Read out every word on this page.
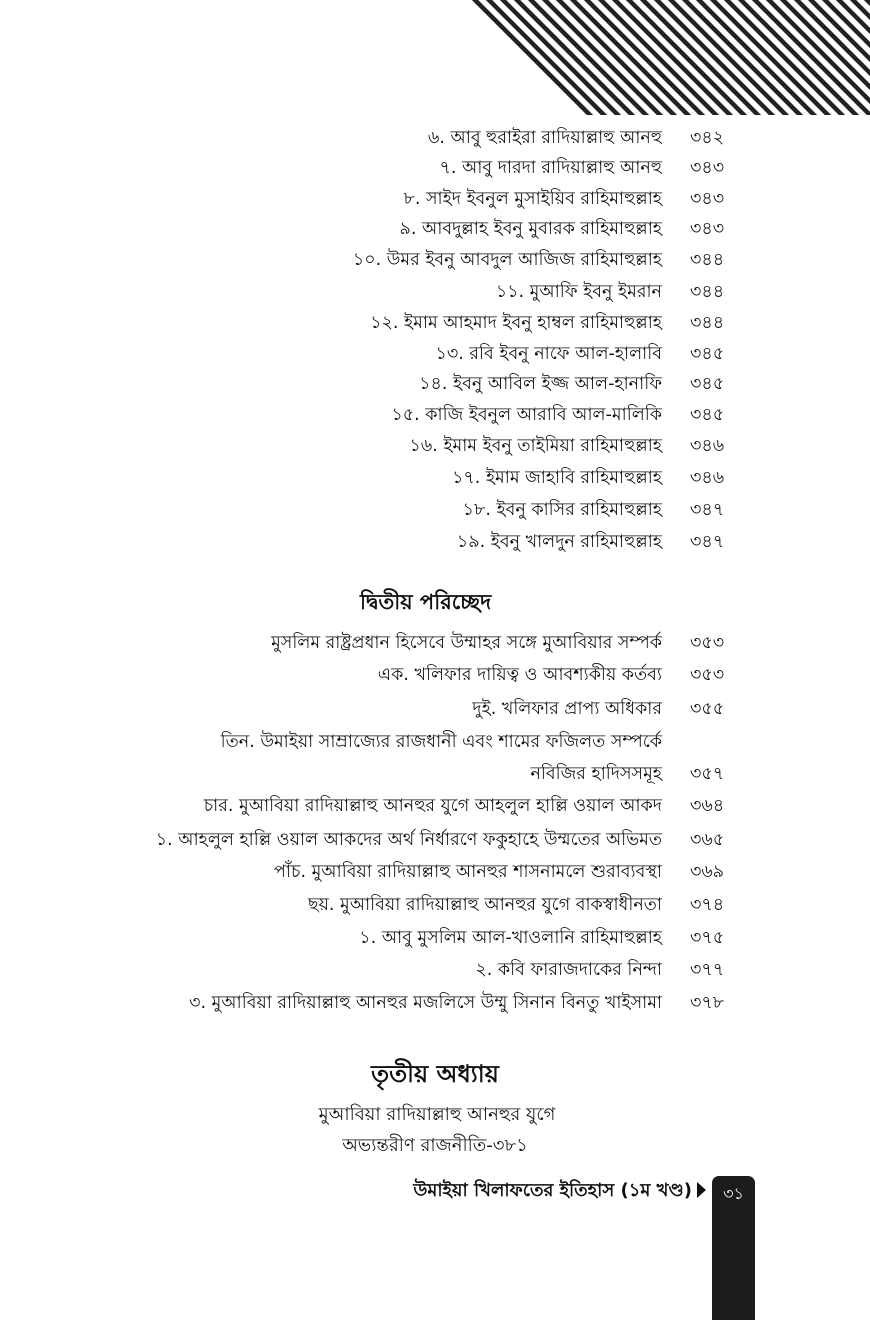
৬. আবু হুরাইরা রাদিয়াল্লাহু আনহু ৩৪২
৭. আবু দারদা রাদিয়াল্লাহু আনহু ৩৪৩
৮. সাইদ ইবনুল মুসাইয়িব রাহিমাহুল্লাহ ৩৪৩
৯. আবদুল্লাহ ইবনু মুবারক রাহিমাহুল্লাহ ৩৪৩
১০. উমর ইবনু আবদুল আজিজ রাহিমাহুল্লাহ ৩৪৪
১১. মুআফি ইবনু ইমরান ৩৪৪
১২. ইমাম আহমাদ ইবনু হাম্বল রাহিমাহুল্লাহ ৩৪৪
১৩. রবি ইবনু নাফে আল-হালাবি ৩৪৫
১৪. ইবনু আবিল ইজ্জ আল-হানাফি ৩৪৫
১৫. কাজি ইবনুল আরাবি আল-মালিকি ৩৪৫
১৬. ইমাম ইবনু তাইমিয়া রাহিমাহুল্লাহ ৩৪৬
১৭. ইমাম জাহাবি রাহিমাহুল্লাহ ৩৪৬
১৮. ইবনু কাসির রাহিমাহুল্লাহ ৩৪৭
১৯. ইবনু খালদুন রাহিমাহুল্লাহ ৩৪৭
দ্বিতীয় পরিচ্ছেদ
মুসলিম রাষ্ট্রপ্রধান হিসেবে উম্মাহর সঙ্গে মুআবিয়ার সম্পর্ক ৩৫৩
এক. খলিফার দায়িত্ব ও আবশ্যকীয় কর্তব্য ৩৫৩
দুই. খলিফার প্রাপ্য অধিকার ৩৫৫
তিন. উমাইয়া সাম্রাজ্যের রাজধানী এবং শামের ফজিলত সম্পর্কে
নবিজির হাদিসসমূহ ৩৫৭
চার. মুআবিয়া রাদিয়াল্লাহু আনহুর যুগে আহলুল হাল্লি ওয়াল আকদ ৩৬৪
১. আহলুল হাল্লি ওয়াল আকদের অর্থ নির্ধারণে ফকুহাহে উম্মতের অভিমত ৩৬৫
পাঁচ. মুআবিয়া রাদিয়াল্লাহু আনহুর শাসনামলে শুরাব্যবস্থা ৩৬৯
ছয়. মুআবিয়া রাদিয়াল্লাহু আনহুর যুগে বাকস্বাধীনতা ৩৭৪
১. আবু মুসলিম আল-খাওলানি রাহিমাহুল্লাহ ৩৭৫
২. কবি ফারাজদাকের নিন্দা ৩৭৭
৩. মুআবিয়া রাদিয়াল্লাহু আনহুর মজলিসে উম্মু সিনান বিনতু খাইসামা ৩৭৮
তৃতীয় অধ্যায়
মুআবিয়া রাদিয়াল্লাহু আনহুর যুগে
অভ্যন্তরীণ রাজনীতি-৩৮১
উমাইয়া খিলাফতের ইতিহাস (১ম খণ্ড)	৩১
